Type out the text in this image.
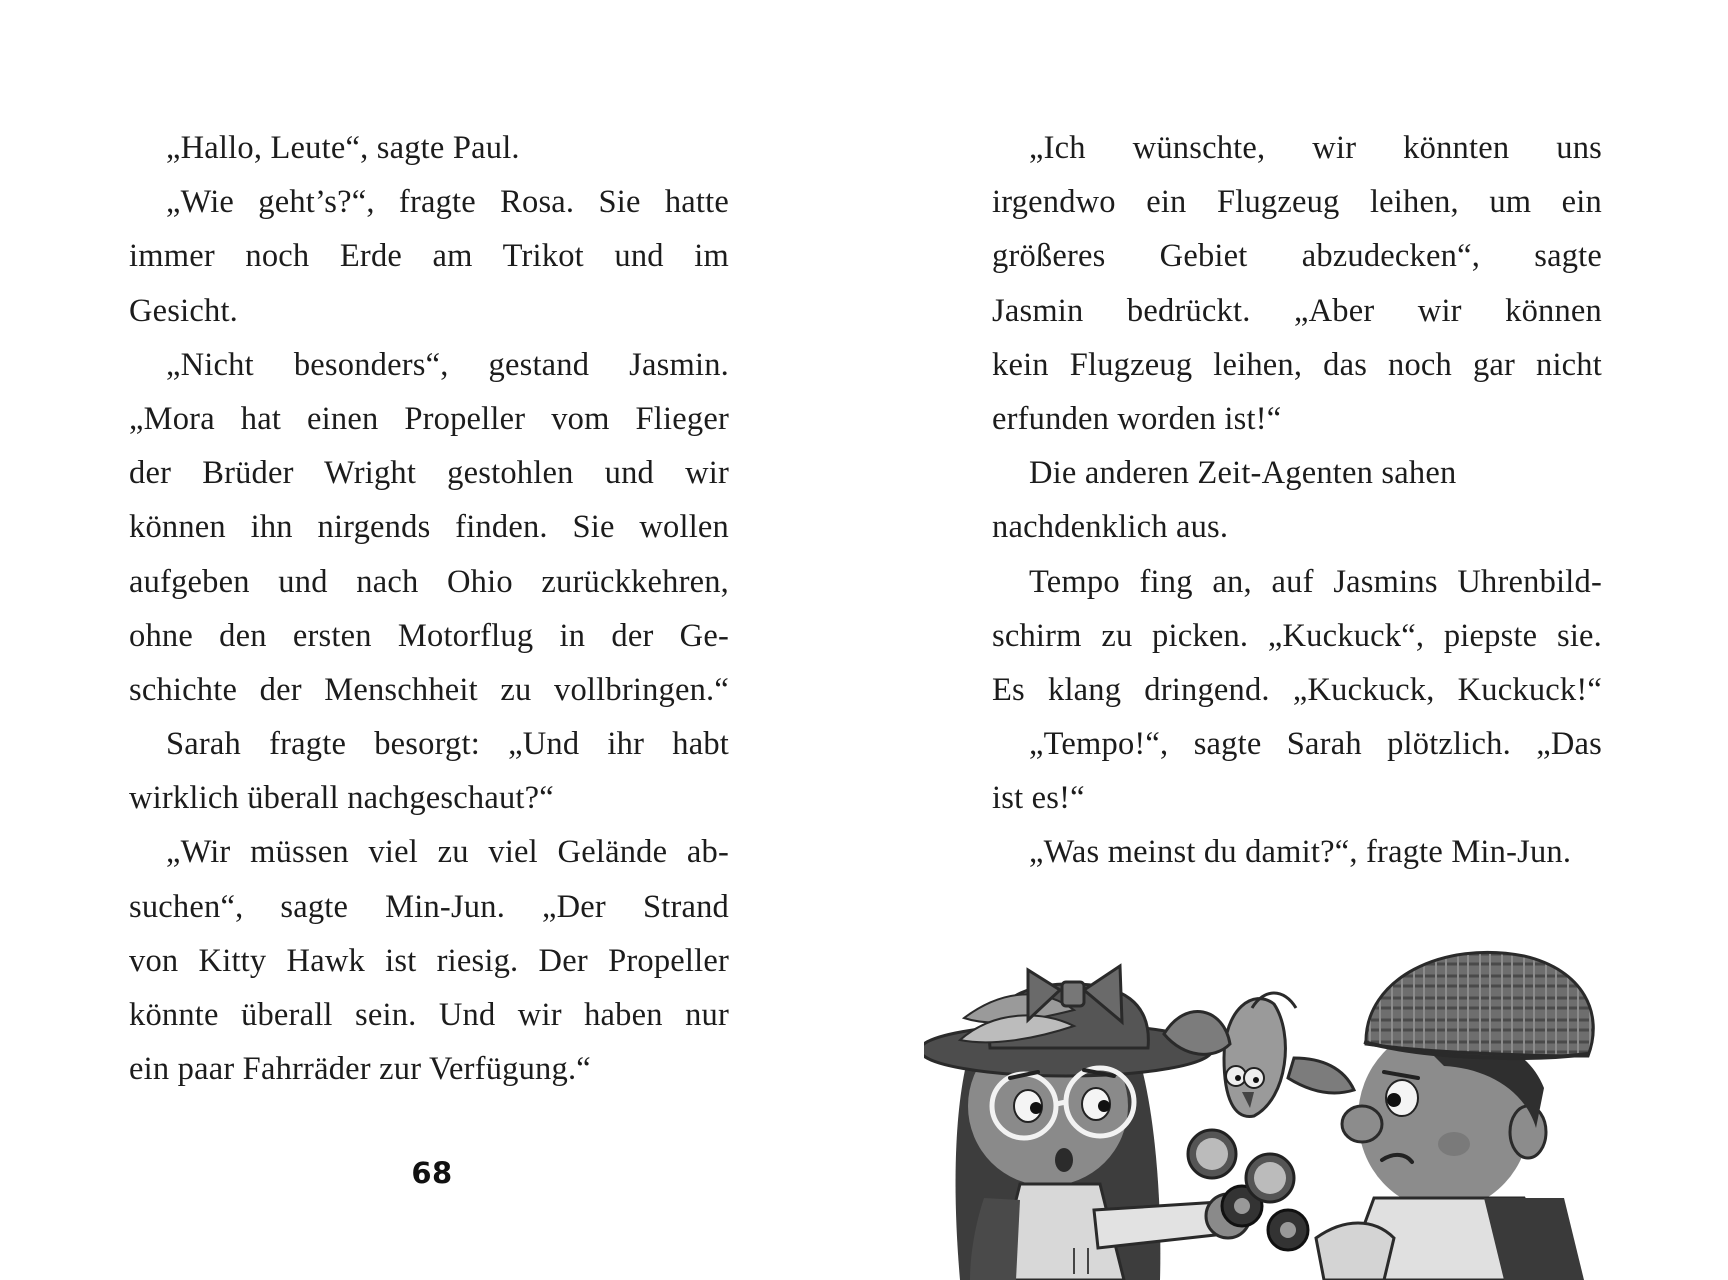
„Hallo, Leute“, sagte Paul.
„Wie geht’s?“, fragte Rosa. Sie hatte
immer noch Erde am Trikot und im
Gesicht.
„Nicht besonders“, gestand Jasmin.
„Mora hat einen Propeller vom Flieger
der Brüder Wright gestohlen und wir
können ihn nirgends finden. Sie wollen
aufgeben und nach Ohio zurückkehren,
ohne den ersten Motorflug in der Ge-
schichte der Menschheit zu vollbringen.“
Sarah fragte besorgt: „Und ihr habt
wirklich überall nachgeschaut?“
„Wir müssen viel zu viel Gelände ab-
suchen“, sagte Min-Jun. „Der Strand
von Kitty Hawk ist riesig. Der Propeller
könnte überall sein. Und wir haben nur
ein paar Fahrräder zur Verfügung.“
68
„Ich wünschte, wir könnten uns
irgendwo ein Flugzeug leihen, um ein
größeres Gebiet abzudecken“, sagte
Jasmin bedrückt. „Aber wir können
kein Flugzeug leihen, das noch gar nicht
erfunden worden ist!“
Die anderen Zeit-Agenten sahen
nachdenklich aus.
Tempo fing an, auf Jasmins Uhrenbild-
schirm zu picken. „Kuckuck“, piepste sie.
Es klang dringend. „Kuckuck, Kuckuck!“
„Tempo!“, sagte Sarah plötzlich. „Das
ist es!“
„Was meinst du damit?“, fragte Min-Jun.
